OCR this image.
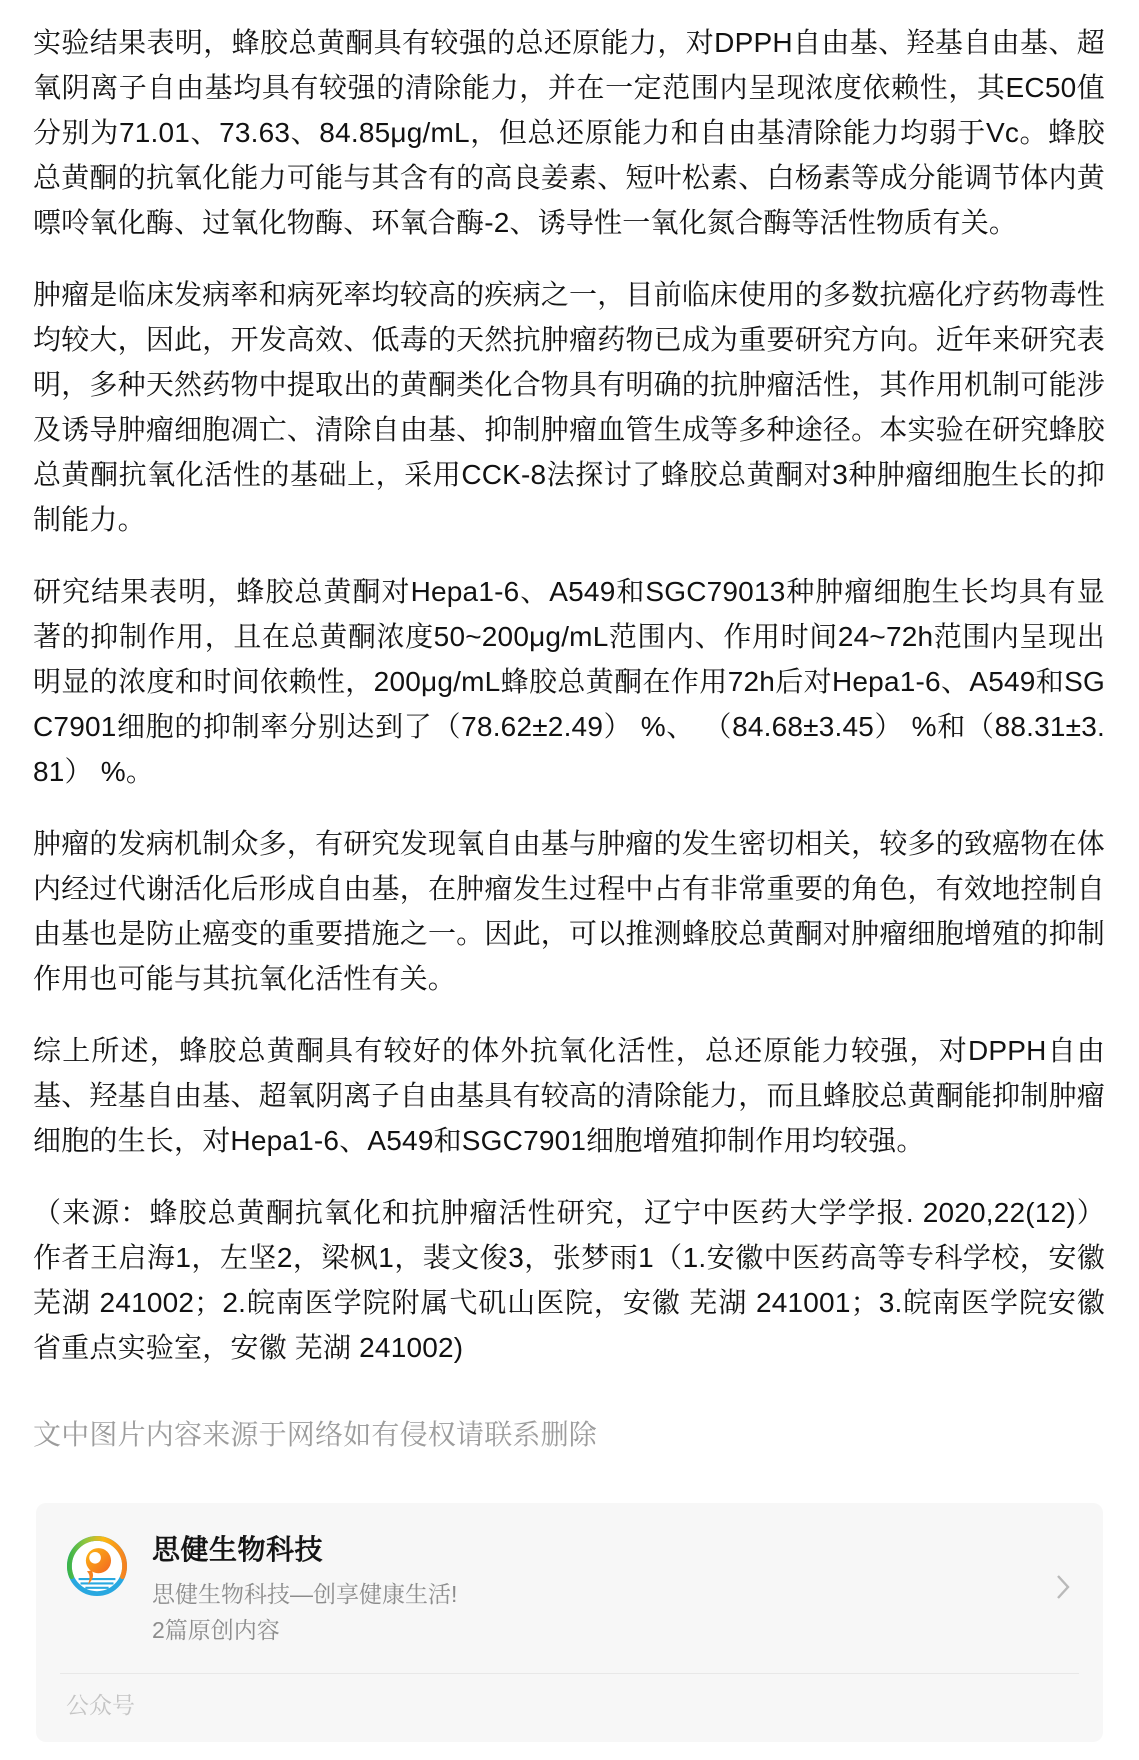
实验结果表明，蜂胶总黄酮具有较强的总还原能力，对DPPH自由基、羟基自由基、超氧阴离子自由基均具有较强的清除能力，并在一定范围内呈现浓度依赖性，其EC50值分别为71.01、73.63、84.85μg/mL，但总还原能力和自由基清除能力均弱于Vc。蜂胶总黄酮的抗氧化能力可能与其含有的高良姜素、短叶松素、白杨素等成分能调节体内黄嘌呤氧化酶、过氧化物酶、环氧合酶-2、诱导性一氧化氮合酶等活性物质有关。

肿瘤是临床发病率和病死率均较高的疾病之一，目前临床使用的多数抗癌化疗药物毒性均较大，因此，开发高效、低毒的天然抗肿瘤药物已成为重要研究方向。近年来研究表明，多种天然药物中提取出的黄酮类化合物具有明确的抗肿瘤活性，其作用机制可能涉及诱导肿瘤细胞凋亡、清除自由基、抑制肿瘤血管生成等多种途径。本实验在研究蜂胶总黄酮抗氧化活性的基础上，采用CCK-8法探讨了蜂胶总黄酮对3种肿瘤细胞生长的抑制能力。

研究结果表明，蜂胶总黄酮对Hepa1-6、A549和SGC79013种肿瘤细胞生长均具有显著的抑制作用，且在总黄酮浓度50~200μg/mL范围内、作用时间24~72h范围内呈现出明显的浓度和时间依赖性，200μg/mL蜂胶总黄酮在作用72h后对Hepa1-6、A549和SGC7901细胞的抑制率分别达到了（78.62±2.49） %、 （84.68±3.45） %和（88.31±3.81） %。

肿瘤的发病机制众多，有研究发现氧自由基与肿瘤的发生密切相关，较多的致癌物在体内经过代谢活化后形成自由基，在肿瘤发生过程中占有非常重要的角色，有效地控制自由基也是防止癌变的重要措施之一。因此，可以推测蜂胶总黄酮对肿瘤细胞增殖的抑制作用也可能与其抗氧化活性有关。

综上所述，蜂胶总黄酮具有较好的体外抗氧化活性，总还原能力较强，对DPPH自由基、羟基自由基、超氧阴离子自由基具有较高的清除能力，而且蜂胶总黄酮能抑制肿瘤细胞的生长，对Hepa1-6、A549和SGC7901细胞增殖抑制作用均较强。

（来源：蜂胶总黄酮抗氧化和抗肿瘤活性研究，辽宁中医药大学学报. 2020,22(12)） 作者王启海1，左坚2，梁枫1，裴文俊3，张梦雨1（1.安徽中医药高等专科学校，安徽 芜湖 241002；2.皖南医学院附属弋矶山医院，安徽 芜湖 241001；3.皖南医学院安徽省重点实验室，安徽 芜湖 241002)

文中图片内容来源于网络如有侵权请联系删除

思健生物科技
思健生物科技—创享健康生活!
2篇原创内容
公众号
